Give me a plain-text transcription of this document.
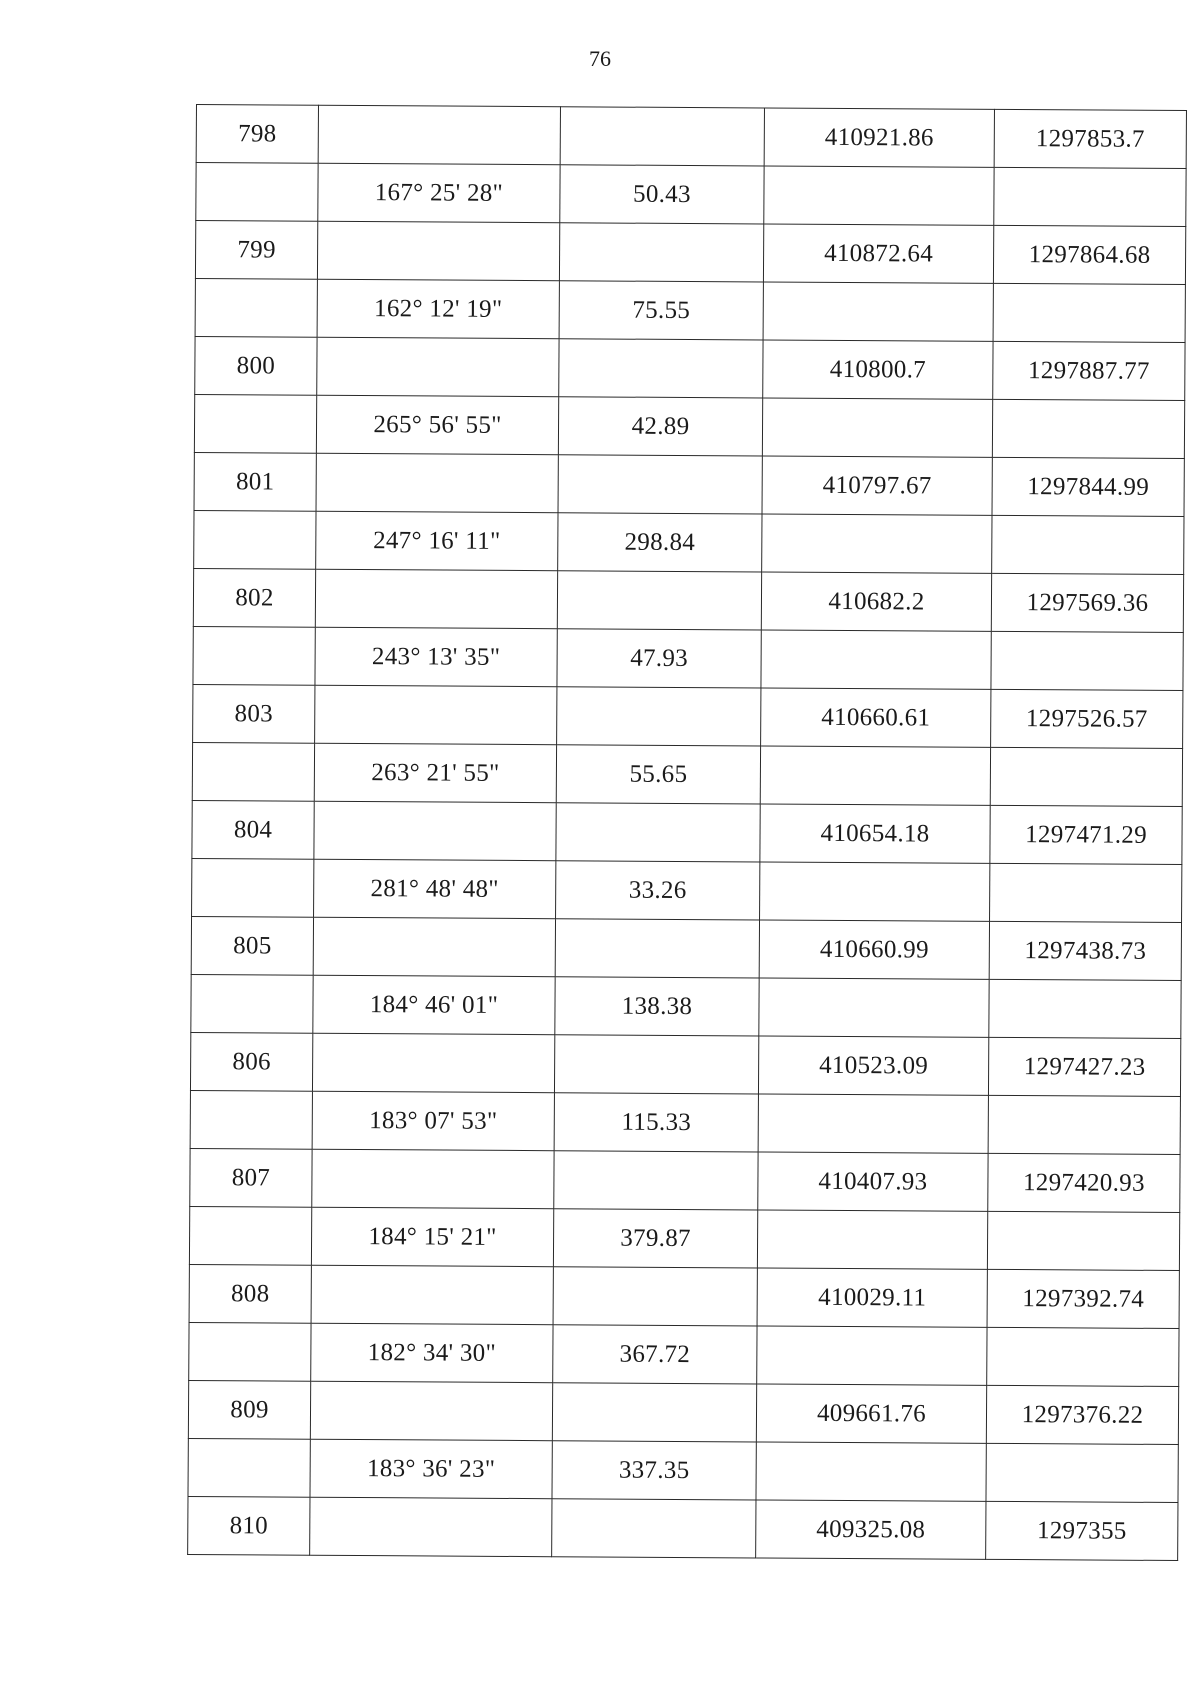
76
798			410921.86	1297853.7
	167° 25' 28"	50.43		
799			410872.64	1297864.68
	162° 12' 19"	75.55		
800			410800.7	1297887.77
	265° 56' 55"	42.89		
801			410797.67	1297844.99
	247° 16' 11"	298.84		
802			410682.2	1297569.36
	243° 13' 35"	47.93		
803			410660.61	1297526.57
	263° 21' 55"	55.65		
804			410654.18	1297471.29
	281° 48' 48"	33.26		
805			410660.99	1297438.73
	184° 46' 01"	138.38		
806			410523.09	1297427.23
	183° 07' 53"	115.33		
807			410407.93	1297420.93
	184° 15' 21"	379.87		
808			410029.11	1297392.74
	182° 34' 30"	367.72		
809			409661.76	1297376.22
	183° 36' 23"	337.35		
810			409325.08	1297355
